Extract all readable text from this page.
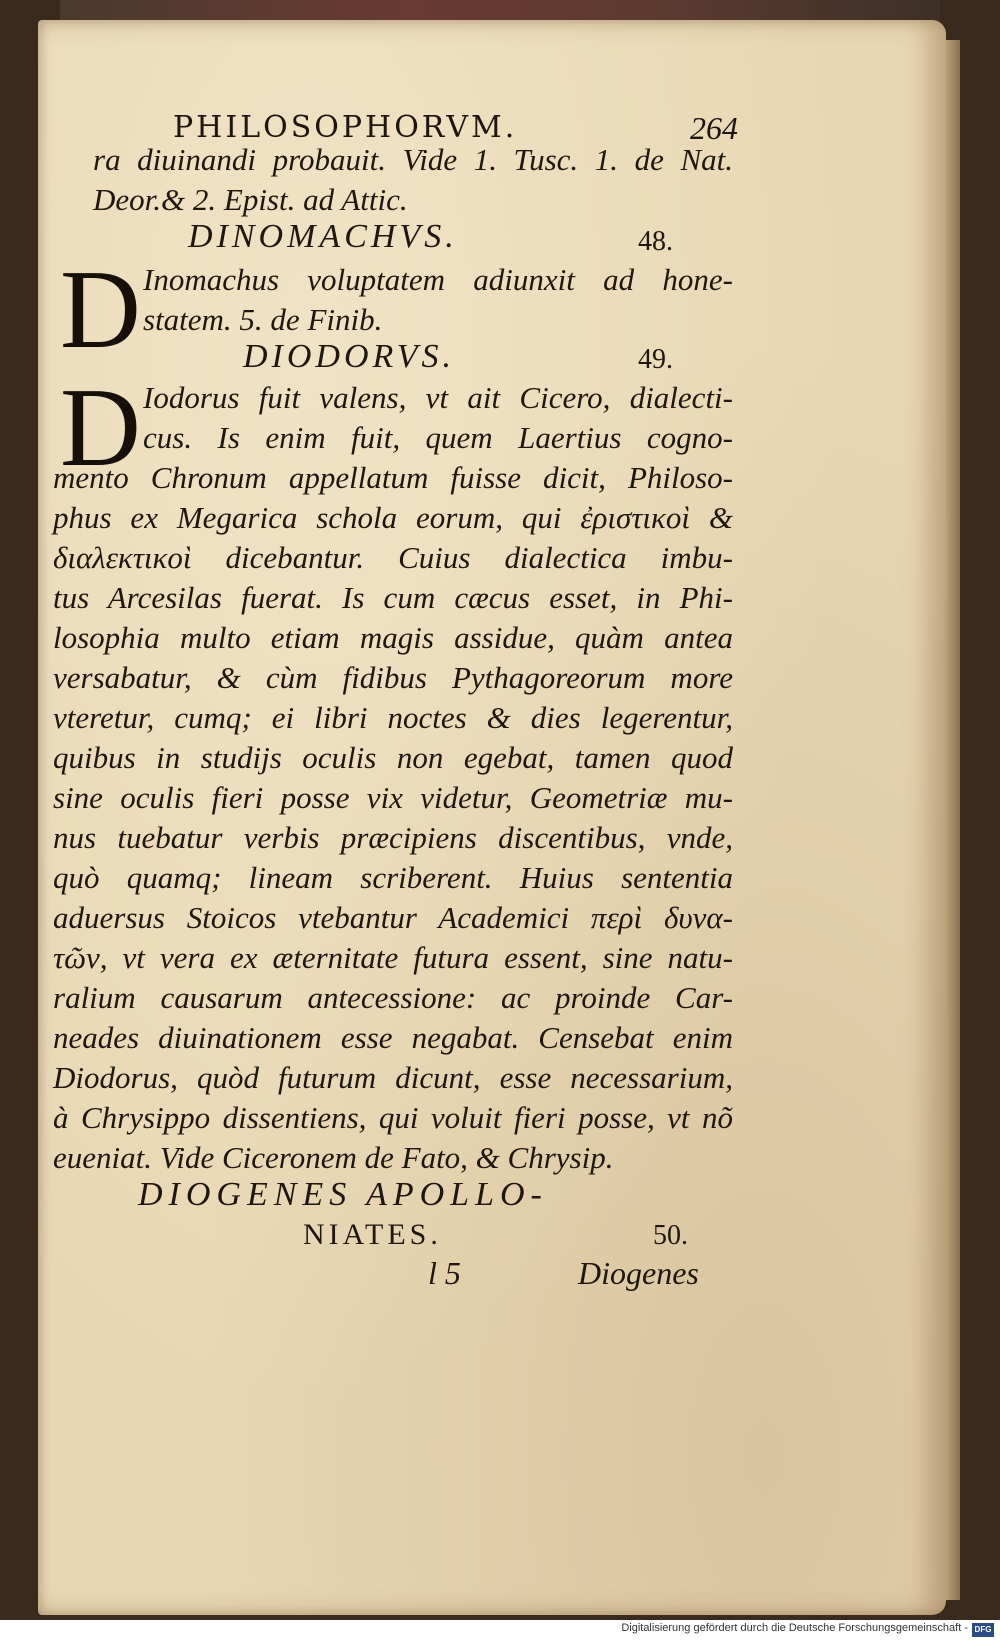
PHILOSOPHORVM.	264
ra diuinandi probauit. Vide 1. Tusc. 1. de Nat.
Deor.& 2. Epist. ad Attic.
DINOMACHVS.	48.
D Inomachus voluptatem adiunxit ad hone-
statem. 5. de Finib.
DIODORVS.	49.
D Iodorus fuit valens, vt ait Cicero, dialecti-
cus. Is enim fuit, quem Laertius cogno-
mento Chronum appellatum fuisse dicit, Philoso-
phus ex Megarica schola eorum, qui ἐριστικοὶ &
διαλεκτικοὶ dicebantur. Cuius dialectica imbu-
tus Arcesilas fuerat. Is cum cæcus esset, in Phi-
losophia multo etiam magis assidue, quàm antea
versabatur, & cùm fidibus Pythagoreorum more
vteretur, cumq; ei libri noctes & dies legerentur,
quibus in studijs oculis non egebat, tamen quod
sine oculis fieri posse vix videtur, Geometriæ mu-
nus tuebatur verbis præcipiens discentibus, vnde,
quò quamq; lineam scriberent. Huius sententia
aduersus Stoicos vtebantur Academici περὶ δυνα-
τῶν, vt vera ex æternitate futura essent, sine natu-
ralium causarum antecessione: ac proinde Car-
neades diuinationem esse negabat. Censebat enim
Diodorus, quòd futurum dicunt, esse necessarium,
à Chrysippo dissentiens, qui voluit fieri posse, vt nõ
eueniat. Vide Ciceronem de Fato, & Chrysip.
DIOGENES APOLLO-
NIATES.	50.
l 5	Diogenes
Digitalisierung gefördert durch die Deutsche Forschungsgemeinschaft - DFG
